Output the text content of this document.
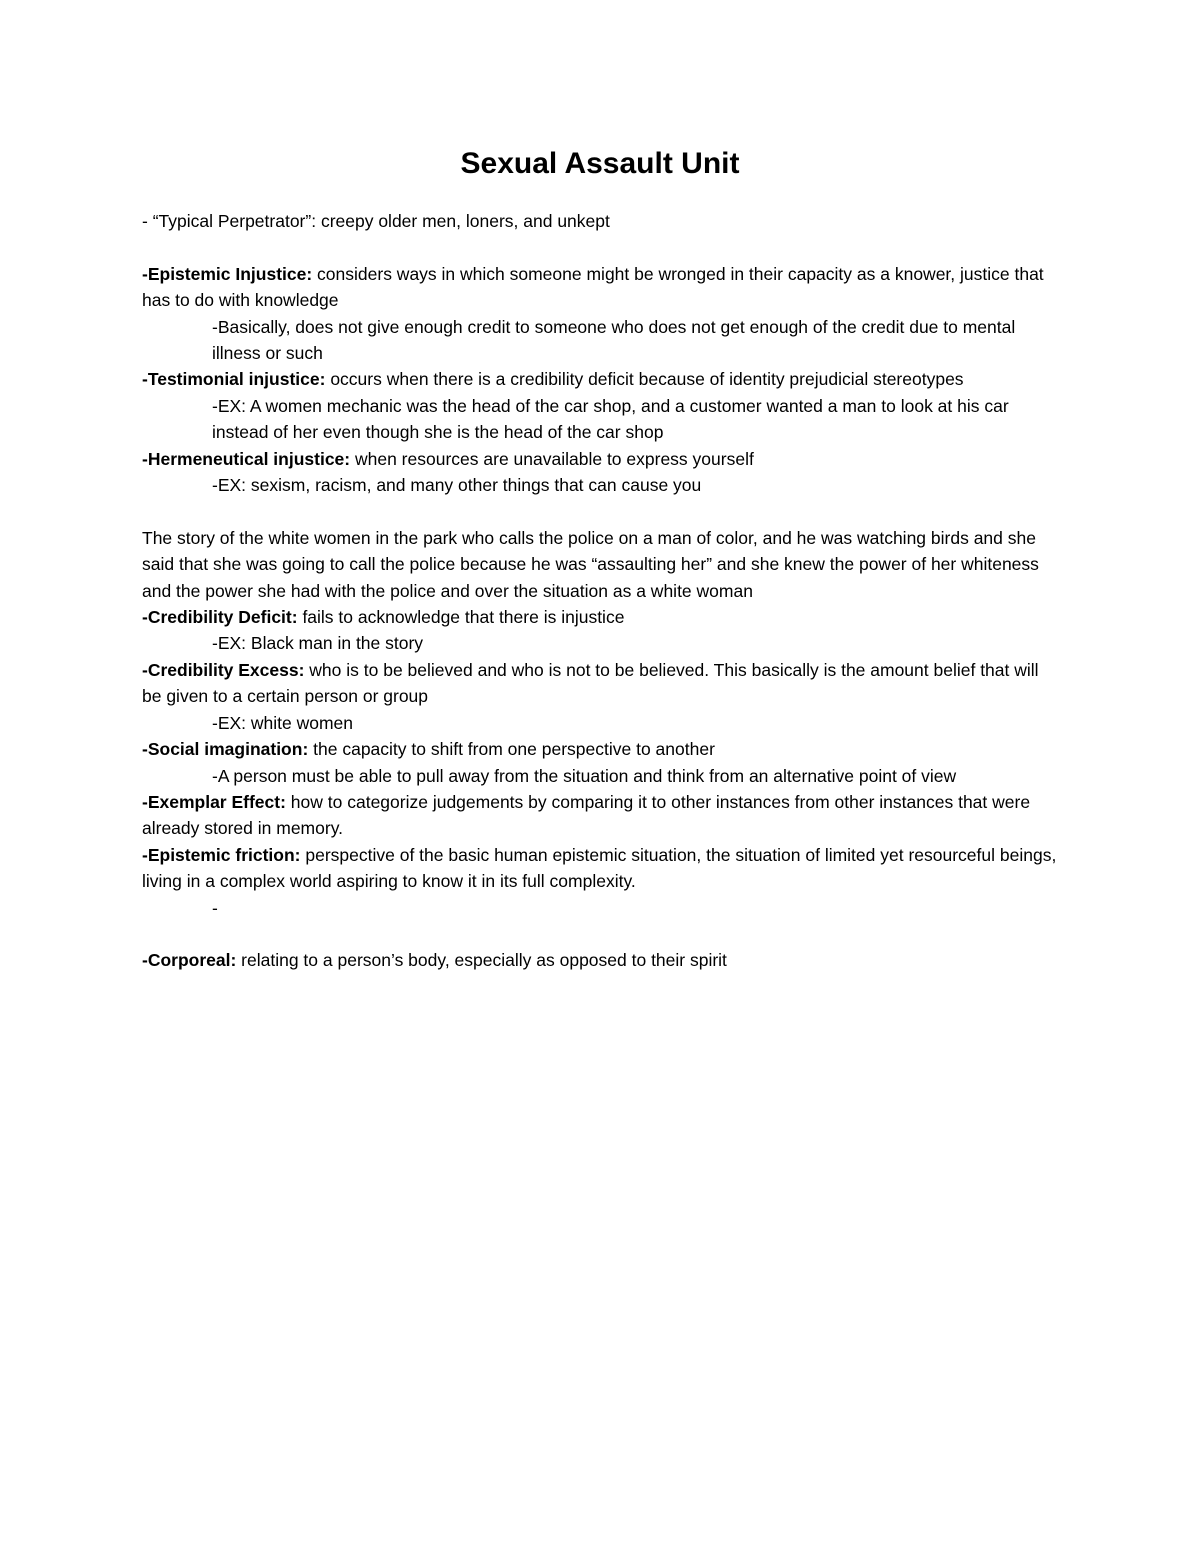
Sexual Assault Unit
- “Typical Perpetrator”: creepy older men, loners, and unkept
-Epistemic Injustice: considers ways in which someone might be wronged in their capacity as a knower, justice that has to do with knowledge
-Basically, does not give enough credit to someone who does not get enough of the credit due to mental illness or such
-Testimonial injustice: occurs when there is a credibility deficit because of identity prejudicial stereotypes
-EX: A women mechanic was the head of the car shop, and a customer wanted a man to look at his car instead of her even though she is the head of the car shop
-Hermeneutical injustice: when resources are unavailable to express yourself
-EX: sexism, racism, and many other things that can cause you
The story of the white women in the park who calls the police on a man of color, and he was watching birds and she said that she was going to call the police because he was “assaulting her” and she knew the power of her whiteness and the power she had with the police and over the situation as a white woman
-Credibility Deficit: fails to acknowledge that there is injustice
-EX: Black man in the story
-Credibility Excess: who is to be believed and who is not to be believed. This basically is the amount belief that will be given to a certain person or group
-EX: white women
-Social imagination: the capacity to shift from one perspective to another
-A person must be able to pull away from the situation and think from an alternative point of view
-Exemplar Effect: how to categorize judgements by comparing it to other instances from other instances that were already stored in memory.
-Epistemic friction: perspective of the basic human epistemic situation, the situation of limited yet resourceful beings, living in a complex world aspiring to know it in its full complexity.
-
-Corporeal: relating to a person’s body, especially as opposed to their spirit
